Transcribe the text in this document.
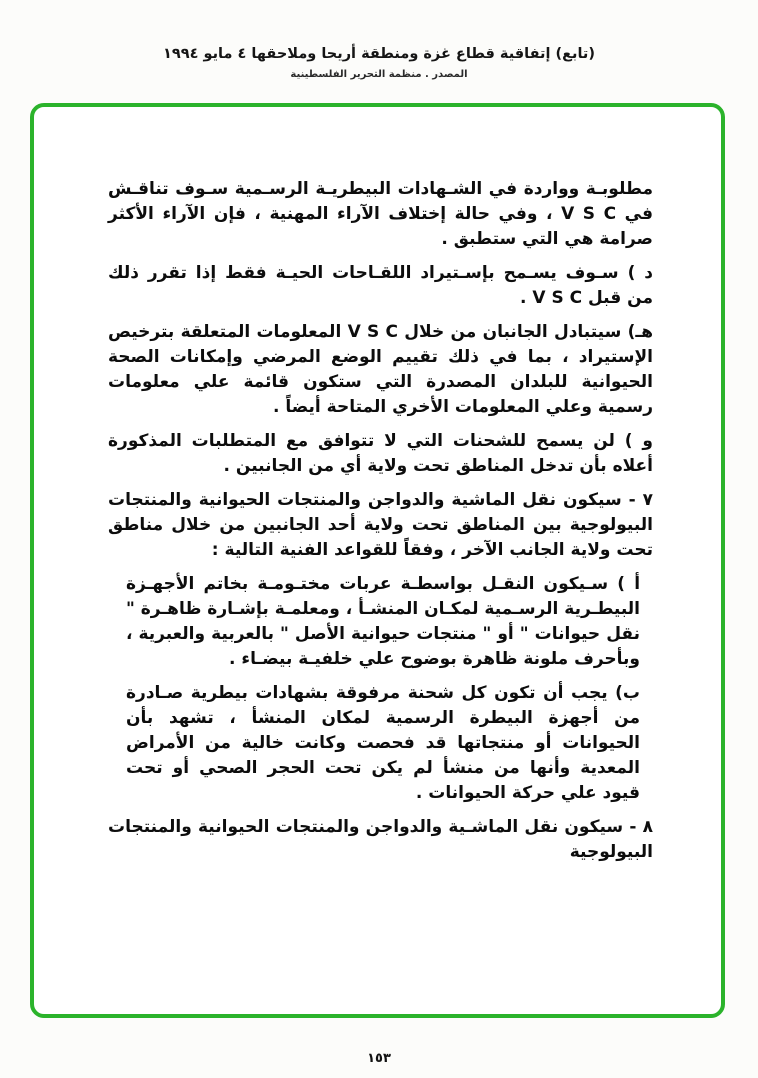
(تابع) إتفاقية قطاع غزة ومنطقة أريحا وملاحقها ٤ مايو ١٩٩٤
المصدر . منظمة التحرير الفلسطينية

مطلوبـة وواردة في الشـهادات البيطريـة الرسـمية سـوف تناقـش في V S C ، وفي حالة إختلاف الآراء المهنية ، فإن الآراء الأكثر صرامة هي التي ستطبق .

د ) سـوف يسـمح بإسـتيراد اللقـاحات الحيـة فقط إذا تقرر ذلك من قبل V S C .

هـ) سيتبادل الجانبان من خلال V S C المعلومات المتعلقة بترخيص الإستيراد ، بما في ذلك تقييم الوضع المرضي وإمكانات الصحة الحيوانية للبلدان المصدرة التي ستكون قائمة علي معلومات رسمية وعلي المعلومات الأخري المتاحة أيضاً .

و ) لن يسمح للشحنات التي لا تتوافق مع المتطلبات المذكورة أعلاه بأن تدخل المناطق تحت ولاية أي من الجانبين .

٧ - سيكون نقل الماشية والدواجن والمنتجات الحيوانية والمنتجات البيولوجية بين المناطق تحت ولاية أحد الجانبين من خلال مناطق تحت ولاية الجانب الآخر ، وفقاً للقواعد الفنية التالية :

أ ) سـيكون النقـل بواسطـة عربات مختـومـة بخاتم الأجهـزة البيطـرية الرسـمية لمكـان المنشـأ ، ومعلمـة بإشـارة ظاهـرة " نقل حيوانات " أو " منتجات حيوانية الأصل " بالعربية والعبرية ، وبأحرف ملونة ظاهرة بوضوح علي خلفيـة بيضـاء .

ب) يجب أن تكون كل شحنة مرفوقة بشهادات بيطرية صـادرة من أجهزة البيطرة الرسمية لمكان المنشأ ، تشهد بأن الحيوانات أو منتجاتها قد فحصت وكانت خالية من الأمراض المعدية وأنها من منشأ لم يكن تحت الحجر الصحي أو تحت قيود علي حركة الحيوانات .

٨ - سيكون نقل الماشـية والدواجن والمنتجات الحيوانية والمنتجات البيولوجية

١٥٣
